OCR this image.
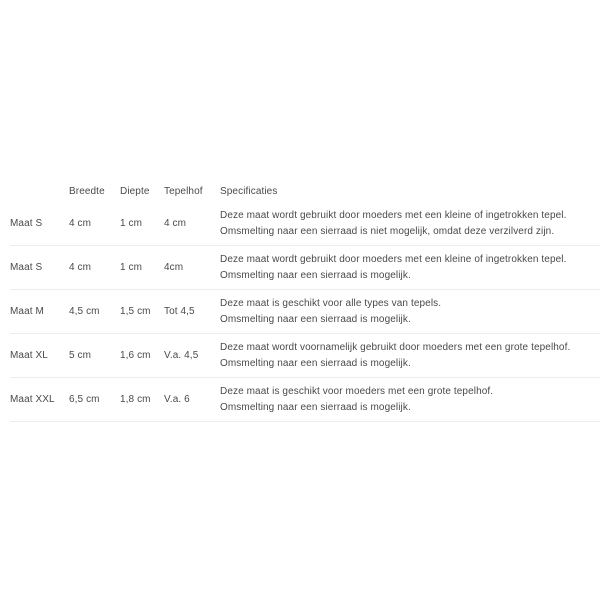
	Breedte	Diepte	Tepelhof	Specificaties
Maat S	4 cm	1 cm	4 cm	Deze maat wordt gebruikt door moeders met een kleine of ingetrokken tepel.
Omsmelting naar een sierraad is niet mogelijk, omdat deze verzilverd zijn.

Maat S	4 cm	1 cm	4cm	Deze maat wordt gebruikt door moeders met een kleine of ingetrokken tepel.
Omsmelting naar een sierraad is mogelijk.

Maat M	4,5 cm	1,5 cm	Tot 4,5	Deze maat is geschikt voor alle types van tepels.
Omsmelting naar een sierraad is mogelijk.

Maat XL	5 cm	1,6 cm	V.a. 4,5	Deze maat wordt voornamelijk gebruikt door moeders met een grote tepelhof.
Omsmelting naar een sierraad is mogelijk.

Maat XXL	6,5 cm	1,8 cm	V.a. 6	Deze maat is geschikt voor moeders met een grote tepelhof.
Omsmelting naar een sierraad is mogelijk.
